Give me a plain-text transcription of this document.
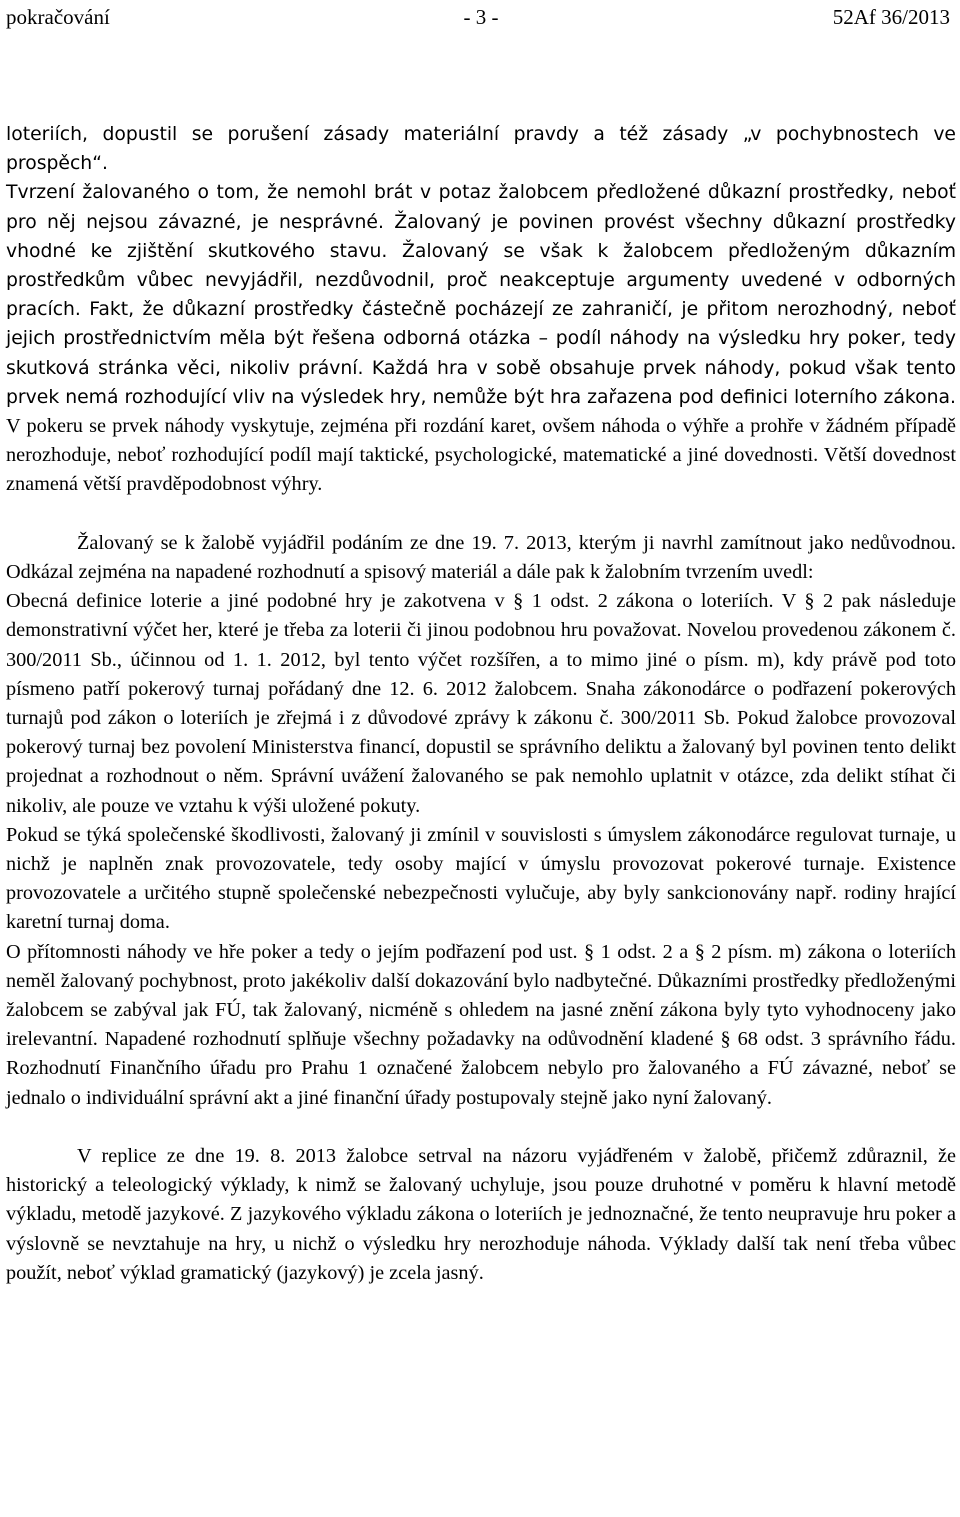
pokračování	- 3 -	52Af 36/2013

loteriích, dopustil se porušení zásady materiální pravdy a též zásady „v pochybnostech ve prospěch“.

Tvrzení žalovaného o tom, že nemohl brát v potaz žalobcem předložené důkazní prostředky, neboť pro něj nejsou závazné, je nesprávné. Žalovaný je povinen provést všechny důkazní prostředky vhodné ke zjištění skutkového stavu. Žalovaný se však k žalobcem předloženým důkazním prostředkům vůbec nevyjádřil, nezdůvodnil, proč neakceptuje argumenty uvedené v odborných pracích. Fakt, že důkazní prostředky částečně pocházejí ze zahraničí, je přitom nerozhodný, neboť jejich prostřednictvím měla být řešena odborná otázka – podíl náhody na výsledku hry poker, tedy skutková stránka věci, nikoliv právní. Každá hra v sobě obsahuje prvek náhody, pokud však tento prvek nemá rozhodující vliv na výsledek hry, nemůže být hra zařazena pod definici loterního zákona. V pokeru se prvek náhody vyskytuje, zejména při rozdání karet, ovšem náhoda o výhře a prohře v žádném případě nerozhoduje, neboť rozhodující podíl mají taktické, psychologické, matematické a jiné dovednosti. Větší dovednost znamená větší pravděpodobnost výhry.

Žalovaný se k žalobě vyjádřil podáním ze dne 19. 7. 2013, kterým ji navrhl zamítnout jako nedůvodnou. Odkázal zejména na napadené rozhodnutí a spisový materiál a dále pak k žalobním tvrzením uvedl:

Obecná definice loterie a jiné podobné hry je zakotvena v § 1 odst. 2 zákona o loteriích. V § 2 pak následuje demonstrativní výčet her, které je třeba za loterii či jinou podobnou hru považovat. Novelou provedenou zákonem č. 300/2011 Sb., účinnou od 1. 1. 2012, byl tento výčet rozšířen, a to mimo jiné o písm. m), kdy právě pod toto písmeno patří pokerový turnaj pořádaný dne 12. 6. 2012 žalobcem. Snaha zákonodárce o podřazení pokerových turnajů pod zákon o loteriích je zřejmá i z důvodové zprávy k zákonu č. 300/2011 Sb. Pokud žalobce provozoval pokerový turnaj bez povolení Ministerstva financí, dopustil se správního deliktu a žalovaný byl povinen tento delikt projednat a rozhodnout o něm. Správní uvážení žalovaného se pak nemohlo uplatnit v otázce, zda delikt stíhat či nikoliv, ale pouze ve vztahu k výši uložené pokuty.

Pokud se týká společenské škodlivosti, žalovaný ji zmínil v souvislosti s úmyslem zákonodárce regulovat turnaje, u nichž je naplněn znak provozovatele, tedy osoby mající v úmyslu provozovat pokerové turnaje. Existence provozovatele a určitého stupně společenské nebezpečnosti vylučuje, aby byly sankcionovány např. rodiny hrající karetní turnaj doma.

O přítomnosti náhody ve hře poker a tedy o jejím podřazení pod ust. § 1 odst. 2 a § 2 písm. m) zákona o loteriích neměl žalovaný pochybnost, proto jakékoliv další dokazování bylo nadbytečné. Důkazními prostředky předloženými žalobcem se zabýval jak FÚ, tak žalovaný, nicméně s ohledem na jasné znění zákona byly tyto vyhodnoceny jako irelevantní. Napadené rozhodnutí splňuje všechny požadavky na odůvodnění kladené § 68 odst. 3 správního řádu. Rozhodnutí Finančního úřadu pro Prahu 1 označené žalobcem nebylo pro žalovaného a FÚ závazné, neboť se jednalo o individuální správní akt a jiné finanční úřady postupovaly stejně jako nyní žalovaný.

V replice ze dne 19. 8. 2013 žalobce setrval na názoru vyjádřeném v žalobě, přičemž zdůraznil, že historický a teleologický výklady, k nimž se žalovaný uchyluje, jsou pouze druhotné v poměru k hlavní metodě výkladu, metodě jazykové. Z jazykového výkladu zákona o loteriích je jednoznačné, že tento neupravuje hru poker a výslovně se nevztahuje na hry, u nichž o výsledku hry nerozhoduje náhoda. Výklady další tak není třeba vůbec použít, neboť výklad gramatický (jazykový) je zcela jasný.
